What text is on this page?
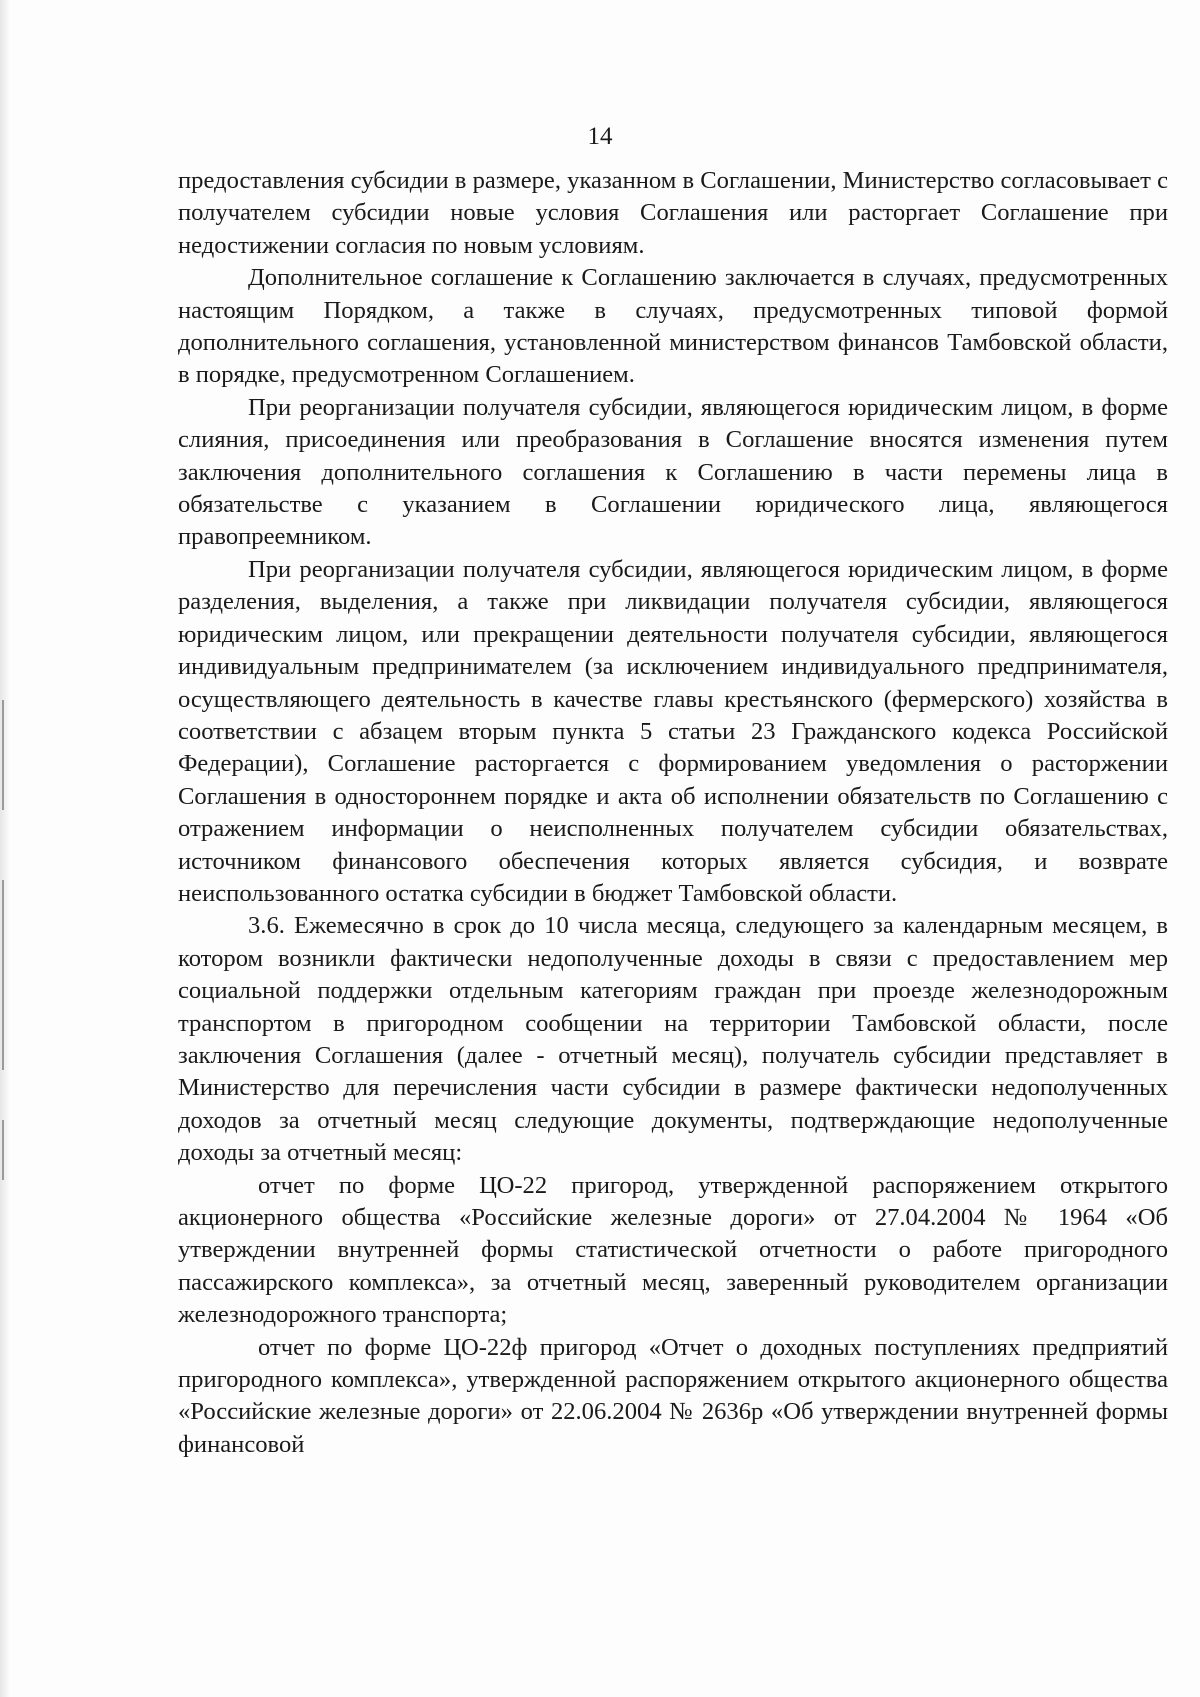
14

предоставления субсидии в размере, указанном в Соглашении, Министерство согласовывает с получателем субсидии новые условия Соглашения или расторгает Соглашение при недостижении согласия по новым условиям.

Дополнительное соглашение к Соглашению заключается в случаях, предусмотренных настоящим Порядком, а также в случаях, предусмотренных типовой формой дополнительного соглашения, установленной министерством финансов Тамбовской области, в порядке, предусмотренном Соглашением.

При реорганизации получателя субсидии, являющегося юридическим лицом, в форме слияния, присоединения или преобразования в Соглашение вносятся изменения путем заключения дополнительного соглашения к Соглашению в части перемены лица в обязательстве с указанием в Соглашении юридического лица, являющегося правопреемником.

При реорганизации получателя субсидии, являющегося юридическим лицом, в форме разделения, выделения, а также при ликвидации получателя субсидии, являющегося юридическим лицом, или прекращении деятельности получателя субсидии, являющегося индивидуальным предпринимателем (за исключением индивидуального предпринимателя, осуществляющего деятельность в качестве главы крестьянского (фермерского) хозяйства в соответствии с абзацем вторым пункта 5 статьи 23 Гражданского кодекса Российской Федерации), Соглашение расторгается с формированием уведомления о расторжении Соглашения в одностороннем порядке и акта об исполнении обязательств по Соглашению с отражением информации о неисполненных получателем субсидии обязательствах, источником финансового обеспечения которых является субсидия, и возврате неиспользованного остатка субсидии в бюджет Тамбовской области.

3.6. Ежемесячно в срок до 10 числа месяца, следующего за календарным месяцем, в котором возникли фактически недополученные доходы в связи с предоставлением мер социальной поддержки отдельным категориям граждан при проезде железнодорожным транспортом в пригородном сообщении на территории Тамбовской области, после заключения Соглашения (далее - отчетный месяц), получатель субсидии представляет в Министерство для перечисления части субсидии в размере фактически недополученных доходов за отчетный месяц следующие документы, подтверждающие недополученные доходы за отчетный месяц:

отчет по форме ЦО-22 пригород, утвержденной распоряжением открытого акционерного общества «Российские железные дороги» от 27.04.2004 № 1964 «Об утверждении внутренней формы статистической отчетности о работе пригородного пассажирского комплекса», за отчетный месяц, заверенный руководителем организации железнодорожного транспорта;

отчет по форме ЦО-22ф пригород «Отчет о доходных поступлениях предприятий пригородного комплекса», утвержденной распоряжением открытого акционерного общества «Российские железные дороги» от 22.06.2004 № 2636р «Об утверждении внутренней формы финансовой
